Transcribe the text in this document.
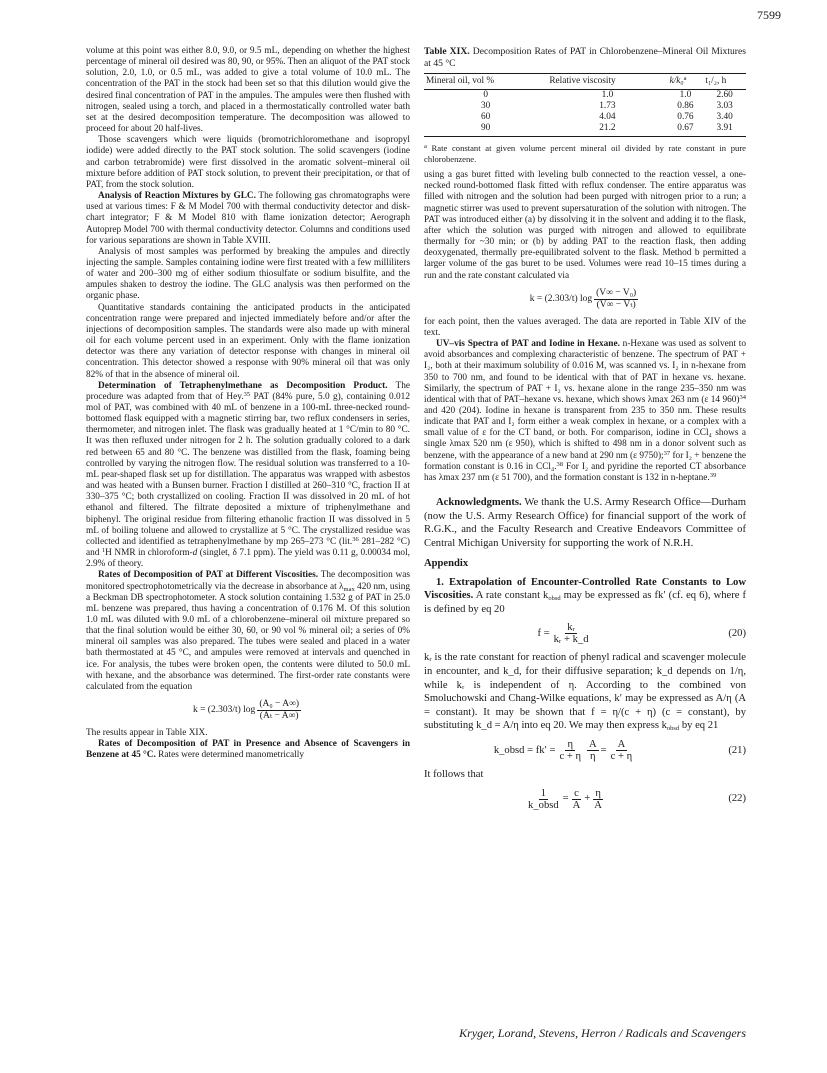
7599

volume at this point was either 8.0, 9.0, or 9.5 mL, depending on whether the highest percentage of mineral oil desired was 80, 90, or 95%. Then an aliquot of the PAT stock solution, 2.0, 1.0, or 0.5 mL, was added to give a total volume of 10.0 mL. The concentration of the PAT in the stock had been set so that this dilution would give the desired final concentration of PAT in the ampules. The ampules were then flushed with nitrogen, sealed using a torch, and placed in a thermostatically controlled water bath set at the desired decomposition temperature. The decomposition was allowed to proceed for about 20 half-lives.

Those scavengers which were liquids (bromotrichloromethane and isopropyl iodide) were added directly to the PAT stock solution. The solid scavengers (iodine and carbon tetrabromide) were first dissolved in the aromatic solvent–mineral oil mixture before addition of PAT stock solution, to prevent their precipitation, or that of PAT, from the stock solution.

Analysis of Reaction Mixtures by GLC. The following gas chromatographs were used at various times: F & M Model 700 with thermal conductivity detector and disk-chart integrator; F & M Model 810 with flame ionization detector; Aerograph Autoprep Model 700 with thermal conductivity detector. Columns and conditions used for various separations are shown in Table XVIII.

Analysis of most samples was performed by breaking the ampules and directly injecting the sample. Samples containing iodine were first treated with a few milliliters of water and 200–300 mg of either sodium thiosulfate or sodium bisulfite, and the ampules shaken to destroy the iodine. The GLC analysis was then performed on the organic phase.

Quantitative standards containing the anticipated products in the anticipated concentration range were prepared and injected immediately before and/or after the injections of decomposition samples. The standards were also made up with mineral oil for each volume percent used in an experiment. Only with the flame ionization detector was there any variation of detector response with changes in mineral oil concentration. This detector showed a response with 90% mineral oil that was only 82% of that in the absence of mineral oil.

Determination of Tetraphenylmethane as Decomposition Product. The procedure was adapted from that of Hey.$^{35}$ PAT (84% pure, 5.0 g), containing 0.012 mol of PAT, was combined with 40 mL of benzene in a 100-mL three-necked round-bottomed flask equipped with a magnetic stirring bar, two reflux condensers in series, thermometer, and nitrogen inlet. The flask was gradually heated at 1 °C/min to 80 °C. It was then refluxed under nitrogen for 2 h. The solution gradually colored to a dark red between 65 and 80 °C. The benzene was distilled from the flask, foaming being controlled by varying the nitrogen flow. The residual solution was transferred to a 10-mL pear-shaped flask set up for distillation. The apparatus was wrapped with asbestos and was heated with a Bunsen burner. Fraction I distilled at 260–310 °C, fraction II at 330–375 °C; both crystallized on cooling. Fraction II was dissolved in 20 mL of hot ethanol and filtered. The filtrate deposited a mixture of triphenylmethane and biphenyl. The original residue from filtering ethanolic fraction II was dissolved in 5 mL of boiling toluene and allowed to crystallize at 5 °C. The crystallized residue was collected and identified as tetraphenylmethane by mp 265–273 °C (lit.$^{36}$ 281–282 °C) and $^1$H NMR in chloroform-d (singlet, δ 7.1 ppm). The yield was 0.11 g, 0.00034 mol, 2.9% of theory.

Rates of Decomposition of PAT at Different Viscosities. The decomposition was monitored spectrophotometrically via the decrease in absorbance at $\lambda_{max}$ 420 nm, using a Beckman DB spectrophotometer. A stock solution containing 1.532 g of PAT in 25.0 mL benzene was prepared, thus having a concentration of 0.176 M. Of this solution 1.0 mL was diluted with 9.0 mL of a chlorobenzene–mineral oil mixture prepared so that the final solution would be either 30, 60, or 90 vol % mineral oil; a series of 0% mineral oil samples was also prepared. The tubes were sealed and placed in a water bath thermostated at 45 °C, and ampules were removed at intervals and quenched in ice. For analysis, the tubes were broken open, the contents were diluted to 50.0 mL with hexane, and the absorbance was determined. The first-order rate constants were calculated from the equation

k = (2.303/t) $\log \frac{\text{(A₀ − A∞)}}{\text{(Aₜ − A∞)}}$

The results appear in Table XIX.

Rates of Decomposition of PAT in Presence and Absence of Scavengers in Benzene at 45 °C. Rates were determined manometrically

Table XIX. Decomposition Rates of PAT in Chlorobenzene–Mineral Oil Mixtures at 45 °C
Mineral oil, vol %	Relative viscosity	k/k₀$^a$	t₁/₂, h
0	1.0	1.0	2.60
30	1.73	0.86	3.03
60	4.04	0.76	3.40
90	21.2	0.67	3.91

$^a$ Rate constant at given volume percent mineral oil divided by rate constant in pure chlorobenzene.

using a gas buret fitted with leveling bulb connected to the reaction vessel, a one-necked round-bottomed flask fitted with reflux condenser. The entire apparatus was filled with nitrogen and the solution had been purged with nitrogen prior to a run; a magnetic stirrer was used to prevent supersaturation of the solution with nitrogen. The PAT was introduced either (a) by dissolving it in the solvent and adding it to the flask, after which the solution was purged with nitrogen and allowed to equilibrate thermally for ~30 min; or (b) by adding PAT to the reaction flask, then adding deoxygenated, thermally pre-equilibrated solvent to the flask. Method b permitted a larger volume of the gas buret to be used. Volumes were read 10–15 times during a run and the rate constant calculated via

k = (2.303/t) $\log \frac{\text{(V∞ − V₀)}}{\text{(V∞ − Vₜ)}}$

for each point, then the values averaged. The data are reported in Table XIV of the text.

UV–vis Spectra of PAT and Iodine in Hexane. n-Hexane was used as solvent to avoid absorbances and complexing characteristic of benzene. The spectrum of PAT + I₂, both at their maximum solubility of 0.016 M, was scanned vs. I₂ in n-hexane from 350 to 700 nm, and found to be identical with that of PAT in hexane vs. hexane. Similarly, the spectrum of PAT + I₂ vs. hexane alone in the range 235–350 nm was identical with that of PAT–hexane vs. hexane, which shows λmax 263 nm (ε 14 960)$^{34}$ and 420 (204). Iodine in hexane is transparent from 235 to 350 nm. These results indicate that PAT and I₂ form either a weak complex in hexane, or a complex with a small value of ε for the CT band, or both. For comparison, iodine in CCl₄ shows a single λmax 520 nm (ε 950), which is shifted to 498 nm in a donor solvent such as benzene, with the appearance of a new band at 290 nm (ε 9750);$^{37}$ for I₂ + benzene the formation constant is 0.16 in CCl₄.$^{38}$ For I₂ and pyridine the reported CT absorbance has λmax 237 nm (ε 51 700), and the formation constant is 132 in n-heptane.$^{39}$

Acknowledgments. We thank the U.S. Army Research Office—Durham (now the U.S. Army Research Office) for financial support of the work of R.G.K., and the Faculty Research and Creative Endeavors Committee of Central Michigan University for supporting the work of N.R.H.

Appendix

1. Extrapolation of Encounter-Controlled Rate Constants to Low Viscosities. A rate constant $k_{obsd}$ may be expressed as fk′ (cf. eq 6), where f is defined by eq 20

$f = \frac{\text{kᵣ}}{\text{kᵣ + k\_d}}$	(20)

kᵣ is the rate constant for reaction of phenyl radical and scavenger molecule in encounter, and k_d, for their diffusive separation; k_d depends on 1/η, while kᵣ is independent of η. According to the combined von Smoluchowski and Chang-Wilke equations, k′ may be expressed as A/η (A = constant). It may be shown that f = η/(c + η) (c = constant), by substituting k_d = A/η into eq 20. We may then express $k_{obsd}$ by eq 21

k_obsd = $fk' = \frac{\eta}{c + \eta} \frac{A}{\eta} = \frac{A}{c + \eta}$	(21)

It follows that

$\frac{1}{\text{k\_obsd}} = \frac{c}{A} + \frac{\eta}{A}$	(22)
Kryger, Lorand, Stevens, Herron / Radicals and Scavengers
